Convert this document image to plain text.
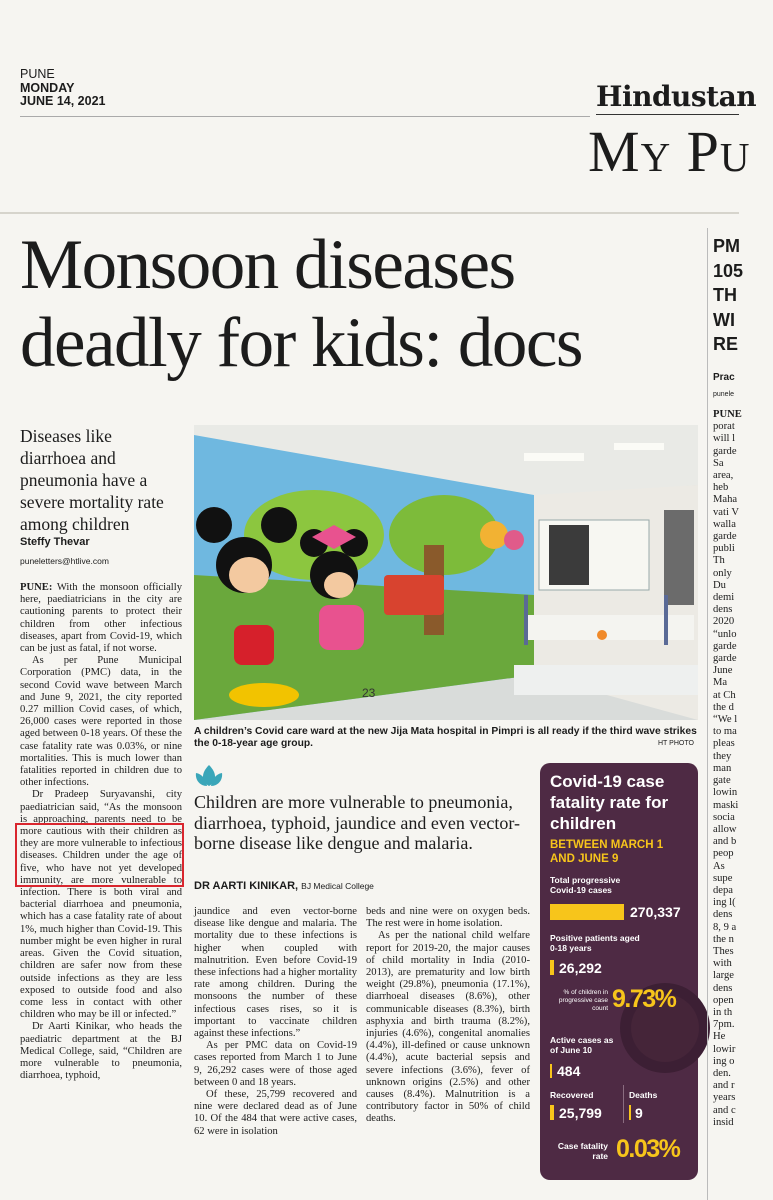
PUNE
MONDAY
JUNE 14, 2021	Hindustan
My Pu
Monsoon diseases
deadly for kids: docs
Diseases like diarrhoea and pneumonia have a severe mortality rate among children
Steffy Thevar
puneletters@htlive.com

PUNE: With the monsoon officially here, paediatricians in the city are cautioning parents to protect their children from other infectious diseases, apart from Covid-19, which can be just as fatal, if not worse.

As per Pune Municipal Corporation (PMC) data, in the second Covid wave between March and June 9, 2021, the city reported 0.27 million Covid cases, of which, 26,000 cases were reported in those aged between 0-18 years. Of these the case fatality rate was 0.03%, or nine mortalities. This is much lower than fatalities reported in children due to other infections.

Dr Pradeep Suryavanshi, city paediatrician said, “As the monsoon is approaching, parents need to be more cautious with their children as they are more vulnerable to infectious diseases. Children under the age of five, who have not yet developed immunity, are more vulnerable to infection. There is both viral and bacterial diarrhoea and pneumonia, which has a case fatality rate of about 1%, much higher than Covid-19. This number might be even higher in rural areas. Given the Covid situation, children are safer now from these outside infections as they are less exposed to outside food and also come less in contact with other children who may be ill or infected.”

Dr Aarti Kinikar, who heads the paediatric department at the BJ Medical College, said, “Children are more vulnerable to pneumonia, diarrhoea, typhoid,

23
A children’s Covid care ward at the new Jija Mata hospital in Pimpri is all ready if the third wave strikes the 0-18-year age group.	HT PHOTO
Children are more vulnerable to pneumonia, diarrhoea, typhoid, jaundice and even vector-borne disease like dengue and malaria.
DR AARTI KINIKAR, BJ Medical College

jaundice and even vector-borne disease like dengue and malaria. The mortality due to these infections is higher when coupled with malnutrition. Even before Covid-19 these infections had a higher mortality rate among children. During the monsoons the number of these infectious cases rises, so it is important to vaccinate children against these infections.”

As per PMC data on Covid-19 cases reported from March 1 to June 9, 26,292 cases were of those aged between 0 and 18 years.

Of these, 25,799 recovered and nine were declared dead as of June 10. Of the 484 that were active cases, 62 were in isolation

beds and nine were on oxygen beds. The rest were in home isolation.

As per the national child welfare report for 2019-20, the major causes of child mortality in India (2010-2013), are prematurity and low birth weight (29.8%), pneumonia (17.1%), diarrhoeal diseases (8.6%), other communicable diseases (8.3%), birth asphyxia and birth trauma (8.2%), injuries (4.6%), congenital anomalies (4.4%), ill-defined or cause unknown (4.4%), acute bacterial sepsis and severe infections (3.6%), fever of unknown origins (2.5%) and other causes (8.4%). Malnutrition is a contributory factor in 50% of child deaths.

Covid-19 case fatality rate for children
BETWEEN MARCH 1 AND JUNE 9
Total progressive Covid-19 cases
270,337
Positive patients aged 0-18 years
26,292
% of children in progressive case count 9.73%
Active cases as of June 10
484
Recovered
25,799
Deaths
9
Case fatality rate 0.03%
PM
105
TH
WI
RE
Prac
punele
PUNE
porat
will l
garde
Sa
area,
heb
Maha
vati V
walla
garde
publi
Th
only
Du
demi
dens
2020
“unlo
garde
garde
June
Ma
at Ch
the d
“We l
to ma
pleas
they
man
gate
lowin
maski
socia
allow
and b
peop
As
supe
depa
ing l(
dens
8, 9 a
the n
Thes
with
large
dens
open
in th
7pm.
He
lowir
ing o
den.
and r
years
and c
insid
